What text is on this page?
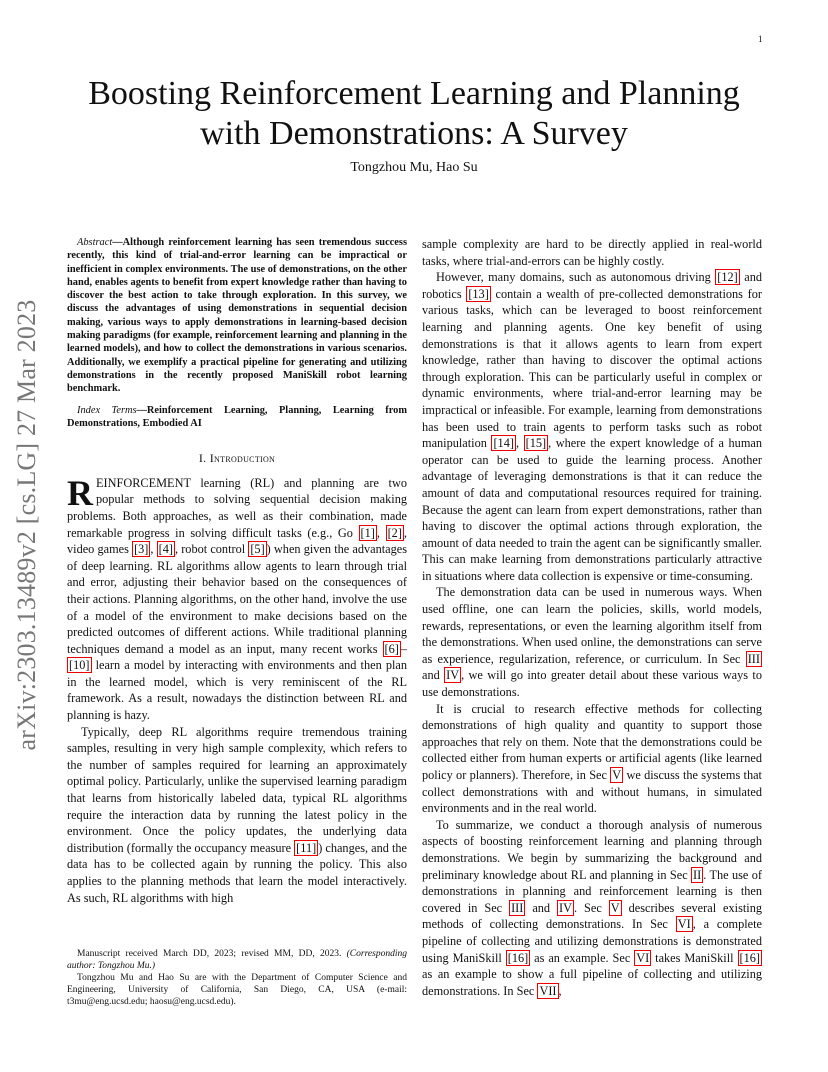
1
arXiv:2303.13489v2 [cs.LG] 27 Mar 2023
Boosting Reinforcement Learning and Planning with Demonstrations: A Survey
Tongzhou Mu, Hao Su

Abstract—Although reinforcement learning has seen tremendous success recently, this kind of trial-and-error learning can be impractical or inefficient in complex environments. The use of demonstrations, on the other hand, enables agents to benefit from expert knowledge rather than having to discover the best action to take through exploration. In this survey, we discuss the advantages of using demonstrations in sequential decision making, various ways to apply demonstrations in learning-based decision making paradigms (for example, reinforcement learning and planning in the learned models), and how to collect the demonstrations in various scenarios. Additionally, we exemplify a practical pipeline for generating and utilizing demonstrations in the recently proposed ManiSkill robot learning benchmark.

Index Terms—Reinforcement Learning, Planning, Learning from Demonstrations, Embodied AI

I. Introduction

REINFORCEMENT learning (RL) and planning are two popular methods to solving sequential decision making problems. Both approaches, as well as their combination, made remarkable progress in solving difficult tasks (e.g., Go [1] , [2] , video games [3] , [4] , robot control [5] ) when given the advantages of deep learning. RL algorithms allow agents to learn through trial and error, adjusting their behavior based on the consequences of their actions. Planning algorithms, on the other hand, involve the use of a model of the environment to make decisions based on the predicted outcomes of different actions. While traditional planning techniques demand a model as an input, many recent works [6] –[10] learn a model by interacting with environments and then plan in the learned model, which is very reminiscent of the RL framework. As a result, nowadays the distinction between RL and planning is hazy.

Typically, deep RL algorithms require tremendous training samples, resulting in very high sample complexity, which refers to the number of samples required for learning an approximately optimal policy. Particularly, unlike the supervised learning paradigm that learns from historically labeled data, typical RL algorithms require the interaction data by running the latest policy in the environment. Once the policy updates, the underlying data distribution (formally the occupancy measure [11] ) changes, and the data has to be collected again by running the policy. This also applies to the planning methods that learn the model interactively. As such, RL algorithms with high

sample complexity are hard to be directly applied in real-world tasks, where trial-and-errors can be highly costly.

However, many domains, such as autonomous driving [12] and robotics [13] contain a wealth of pre-collected demonstrations for various tasks, which can be leveraged to boost reinforcement learning and planning agents. One key benefit of using demonstrations is that it allows agents to learn from expert knowledge, rather than having to discover the optimal actions through exploration. This can be particularly useful in complex or dynamic environments, where trial-and-error learning may be impractical or infeasible. For example, learning from demonstrations has been used to train agents to perform tasks such as robot manipulation [14] , [15] , where the expert knowledge of a human operator can be used to guide the learning process. Another advantage of leveraging demonstrations is that it can reduce the amount of data and computational resources required for training. Because the agent can learn from expert demonstrations, rather than having to discover the optimal actions through exploration, the amount of data needed to train the agent can be significantly smaller. This can make learning from demonstrations particularly attractive in situations where data collection is expensive or time-consuming.

The demonstration data can be used in numerous ways. When used offline, one can learn the policies, skills, world models, rewards, representations, or even the learning algorithm itself from the demonstrations. When used online, the demonstrations can serve as experience, regularization, reference, or curriculum. In Sec III and IV , we will go into greater detail about these various ways to use demonstrations.

It is crucial to research effective methods for collecting demonstrations of high quality and quantity to support those approaches that rely on them. Note that the demonstrations could be collected either from human experts or artificial agents (like learned policy or planners). Therefore, in Sec V we discuss the systems that collect demonstrations with and without humans, in simulated environments and in the real world.

To summarize, we conduct a thorough analysis of numerous aspects of boosting reinforcement learning and planning through demonstrations. We begin by summarizing the background and preliminary knowledge about RL and planning in Sec II . The use of demonstrations in planning and reinforcement learning is then covered in Sec III and IV . Sec V describes several existing methods of collecting demonstrations. In Sec VI , a complete pipeline of collecting and utilizing demonstrations is demonstrated using ManiSkill [16] as an example. Sec VI takes ManiSkill [16] as an example to show a full pipeline of collecting and utilizing demonstrations. In Sec VII ,

Manuscript received March DD, 2023; revised MM, DD, 2023. (Corresponding author: Tongzhou Mu.)

Tongzhou Mu and Hao Su are with the Department of Computer Science and Engineering, University of California, San Diego, CA, USA (e-mail: t3mu@eng.ucsd.edu; haosu@eng.ucsd.edu).
